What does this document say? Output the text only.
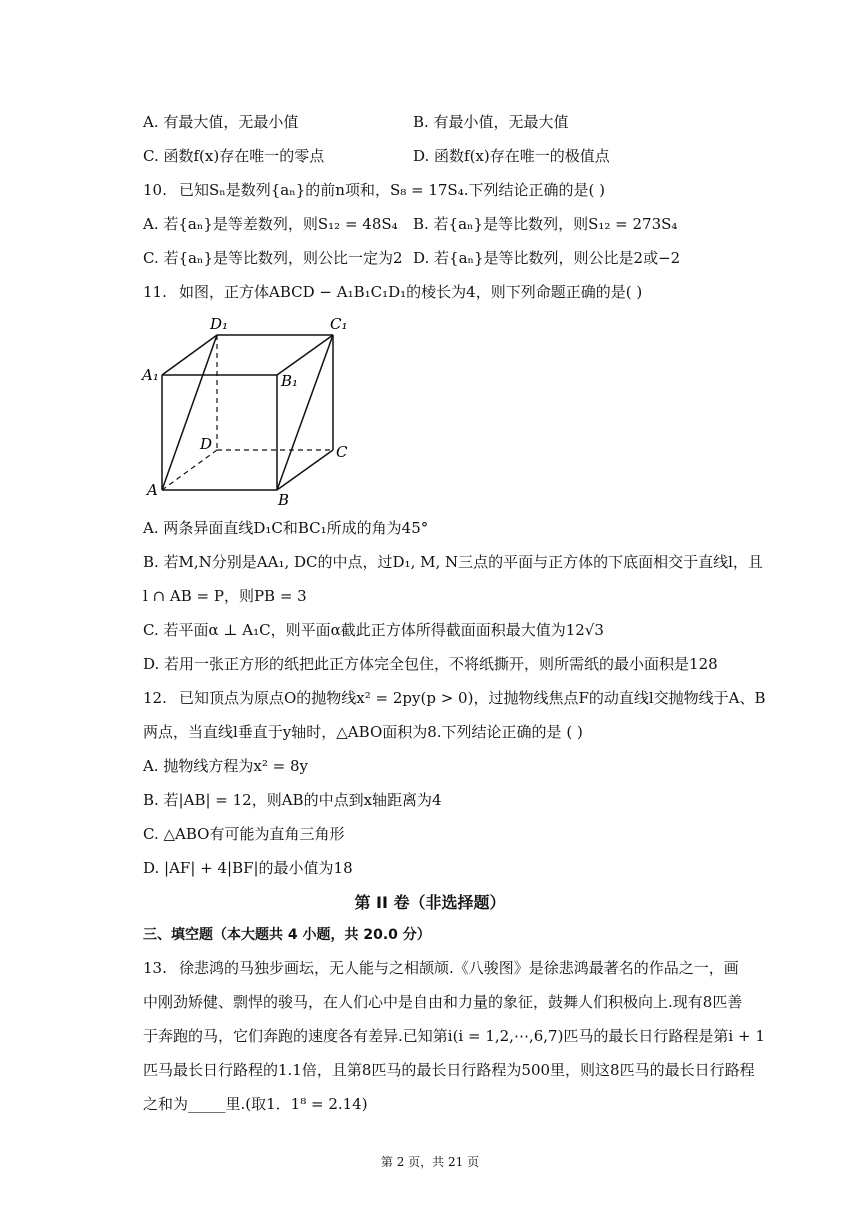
A. 有最大值，无最小值	B. 有最小值，无最大值
C. 函数f(x)存在唯一的零点	D. 函数f(x)存在唯一的极值点
10. 已知Sₙ是数列{aₙ}的前n项和，S₈ = 17S₄.下列结论正确的是( )
A. 若{aₙ}是等差数列，则S₁₂ = 48S₄ B. 若{aₙ}是等比数列，则S₁₂ = 273S₄
C. 若{aₙ}是等比数列，则公比一定为2 D. 若{aₙ}是等比数列，则公比是2或−2
11. 如图，正方体ABCD − A₁B₁C₁D₁的棱长为4，则下列命题正确的是( )
D₁	C₁
A₁	B₁
D	C
A
B
A. 两条异面直线D₁C和BC₁所成的角为45°
B. 若M,N分别是AA₁, DC的中点，过D₁, M, N三点的平面与正方体的下底面相交于直线l，且
l ∩ AB = P，则PB = 3
C. 若平面α ⊥ A₁C，则平面α截此正方体所得截面面积最大值为12√3
D. 若用一张正方形的纸把此正方体完全包住，不将纸撕开，则所需纸的最小面积是128
12. 已知顶点为原点O的抛物线x² = 2py(p > 0)，过抛物线焦点F的动直线l交抛物线于A、B
两点，当直线l垂直于y轴时，△ABO面积为8.下列结论正确的是 ( )
A. 抛物线方程为x² = 8y
B. 若|AB| = 12，则AB的中点到x轴距离为4
C. △ABO有可能为直角三角形
D. |AF| + 4|BF|的最小值为18
第 II 卷（非选择题）
三、填空题（本大题共 4 小题，共 20.0 分）
13. 徐悲鸿的马独步画坛，无人能与之相颉颃.《八骏图》是徐悲鸿最著名的作品之一，画
中刚劲矫健、剽悍的骏马，在人们心中是自由和力量的象征，鼓舞人们积极向上.现有8匹善
于奔跑的马，它们奔跑的速度各有差异.已知第i(i = 1,2,⋯,6,7)匹马的最长日行路程是第i + 1
匹马最长日行路程的1.1倍，且第8匹马的最长日行路程为500里，则这8匹马的最长日行路程
之和为_____里.(取1．1⁸ = 2.14)
第 2 页，共 21 页
